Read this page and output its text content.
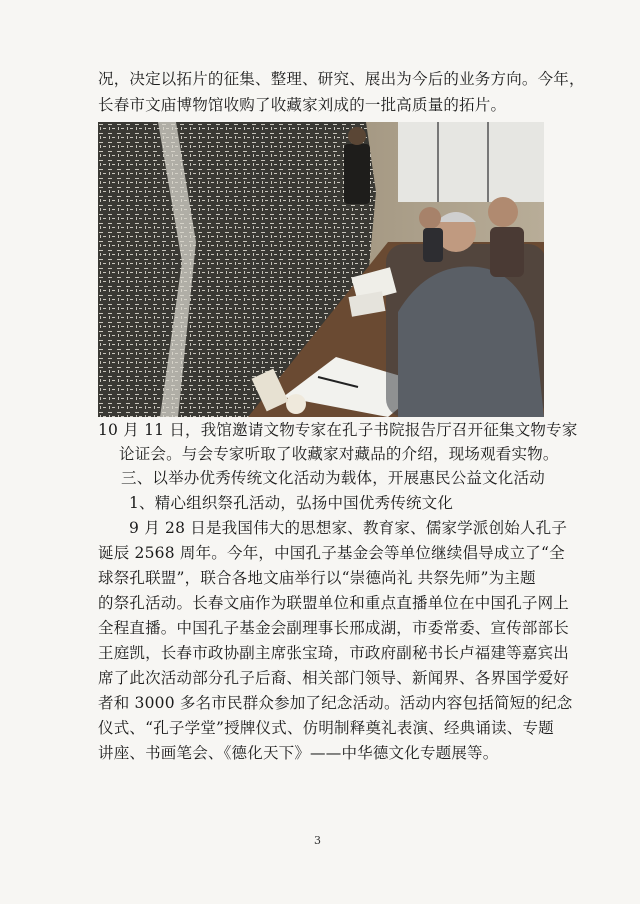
况，决定以拓片的征集、整理、研究、展出为今后的业务方向。今年，
长春市文庙博物馆收购了收藏家刘成的一批高质量的拓片。
10 月 11 日，我馆邀请文物专家在孔子书院报告厅召开征集文物专家
论证会。与会专家听取了收藏家对藏品的介绍，现场观看实物。
三、以举办优秀传统文化活动为载体，开展惠民公益文化活动
1、精心组织祭孔活动，弘扬中国优秀传统文化
9 月 28 日是我国伟大的思想家、教育家、儒家学派创始人孔子
诞辰 2568 周年。今年，中国孔子基金会等单位继续倡导成立了“全
球祭孔联盟”，联合各地文庙举行以“崇德尚礼 共祭先师”为主题
的祭孔活动。长春文庙作为联盟单位和重点直播单位在中国孔子网上
全程直播。中国孔子基金会副理事长邢成湖，市委常委、宣传部部长
王庭凯，长春市政协副主席张宝琦，市政府副秘书长卢福建等嘉宾出
席了此次活动部分孔子后裔、相关部门领导、新闻界、各界国学爱好
者和 3000 多名市民群众参加了纪念活动。活动内容包括简短的纪念
仪式、“孔子学堂”授牌仪式、仿明制释奠礼表演、经典诵读、专题
讲座、书画笔会、《德化天下》——中华德文化专题展等。
3
